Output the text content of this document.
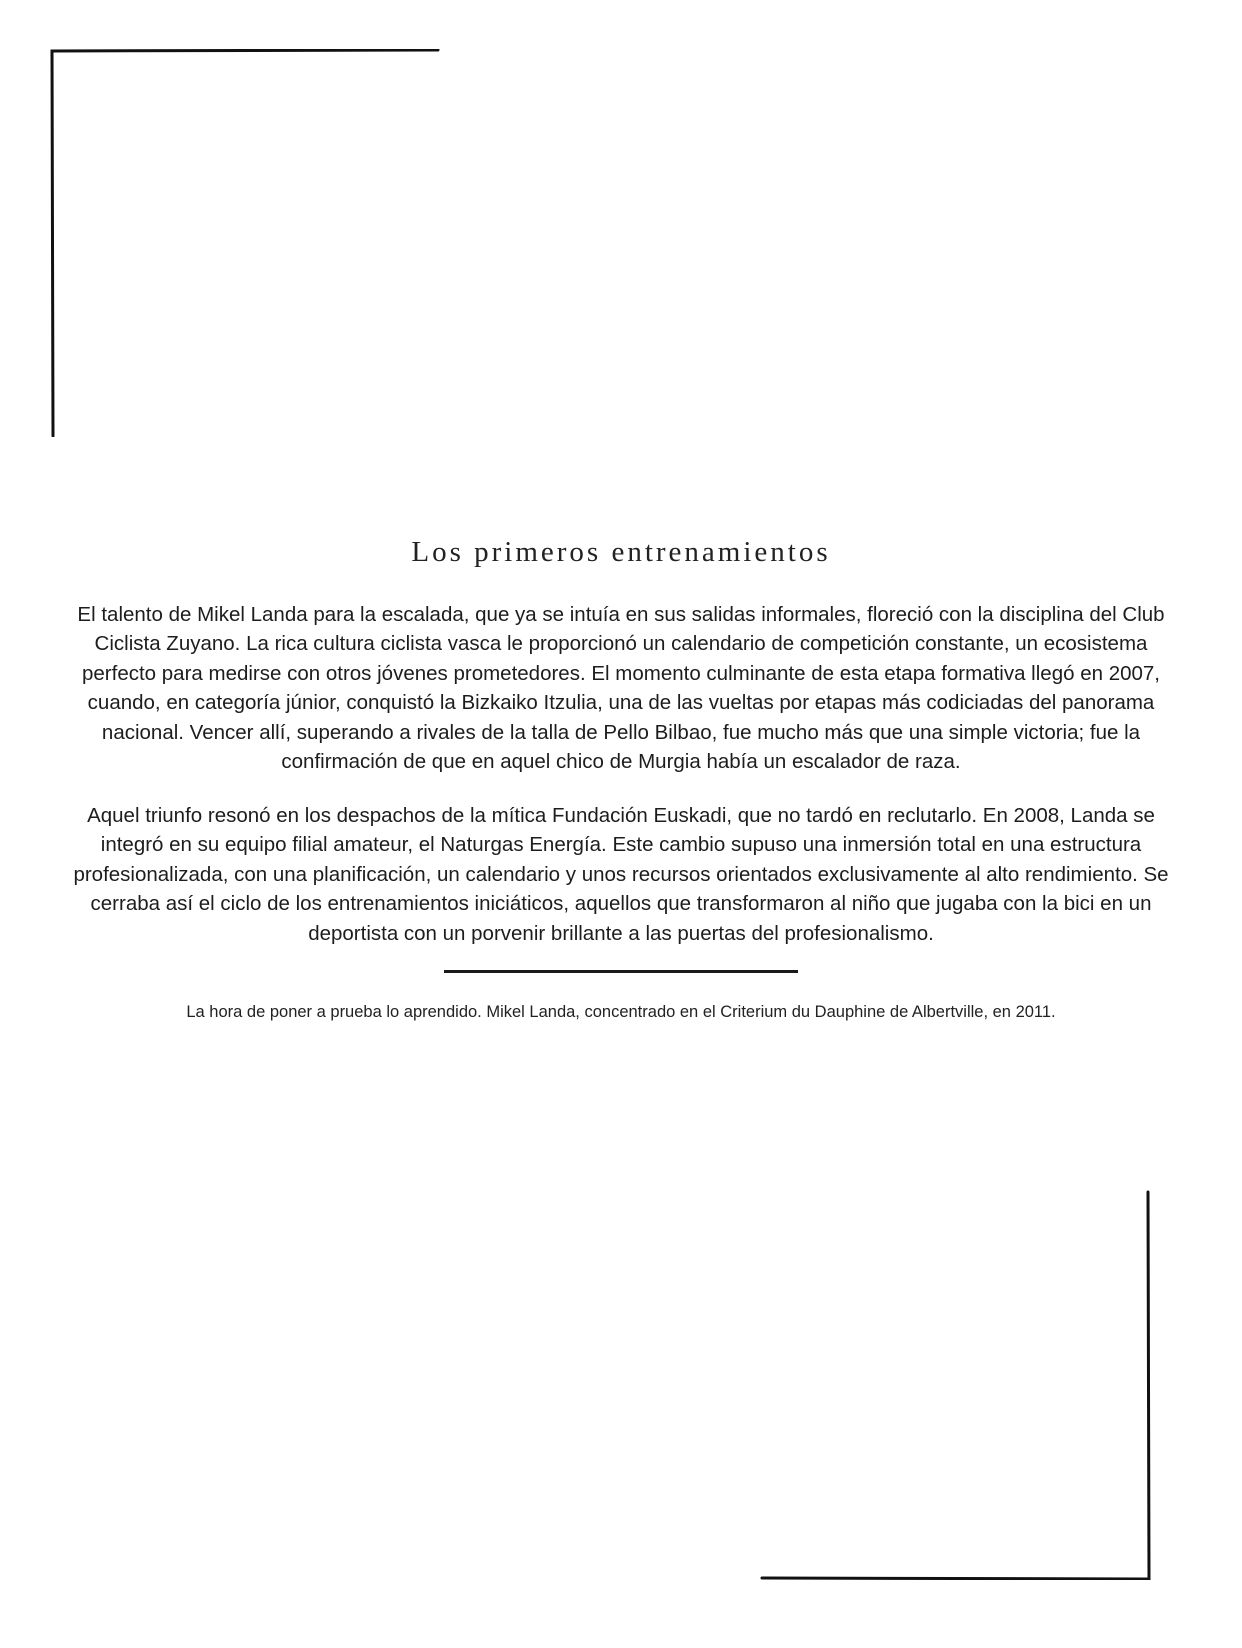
Los primeros entrenamientos

El talento de Mikel Landa para la escalada, que ya se intuía en sus salidas informales, floreció con la disciplina del Club Ciclista Zuyano. La rica cultura ciclista vasca le proporcionó un calendario de competición constante, un ecosistema perfecto para medirse con otros jóvenes prometedores. El momento culminante de esta etapa formativa llegó en 2007, cuando, en categoría júnior, conquistó la Bizkaiko Itzulia, una de las vueltas por etapas más codiciadas del panorama nacional. Vencer allí, superando a rivales de la talla de Pello Bilbao, fue mucho más que una simple victoria; fue la confirmación de que en aquel chico de Murgia había un escalador de raza.

Aquel triunfo resonó en los despachos de la mítica Fundación Euskadi, que no tardó en reclutarlo. En 2008, Landa se integró en su equipo filial amateur, el Naturgas Energía. Este cambio supuso una inmersión total en una estructura profesionalizada, con una planificación, un calendario y unos recursos orientados exclusivamente al alto rendimiento. Se cerraba así el ciclo de los entrenamientos iniciáticos, aquellos que transformaron al niño que jugaba con la bici en un deportista con un porvenir brillante a las puertas del profesionalismo.

La hora de poner a prueba lo aprendido. Mikel Landa, concentrado en el Criterium du Dauphine de Albertville, en 2011.
